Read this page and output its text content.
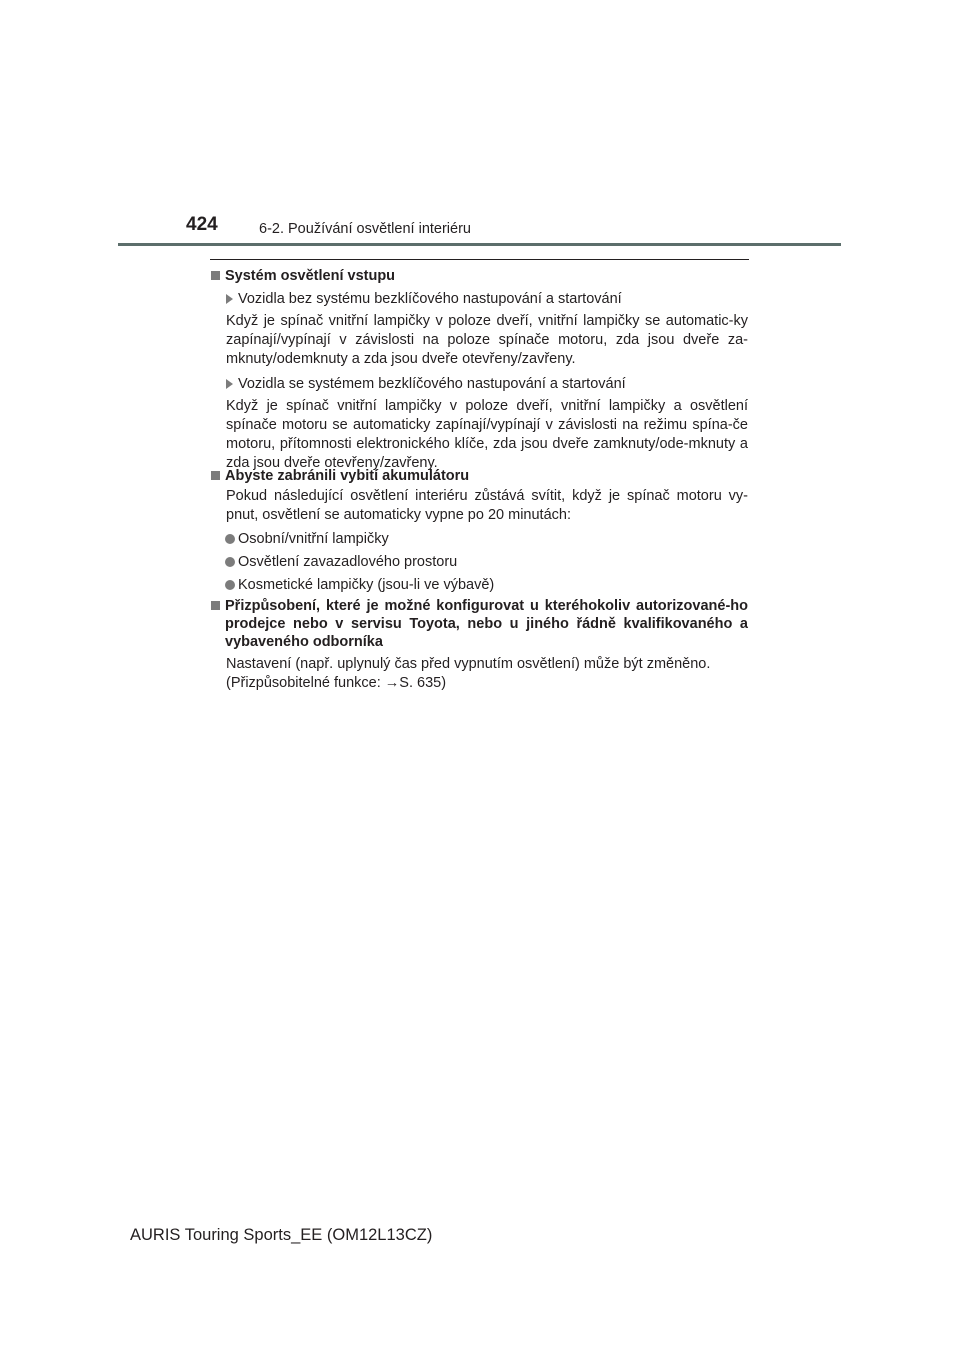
424	6-2. Používání osvětlení interiéru
Systém osvětlení vstupu
Vozidla bez systému bezklíčového nastupování a startování
Když je spínač vnitřní lampičky v poloze dveří, vnitřní lampičky se automatic-ky zapínají/vypínají v závislosti na poloze spínače motoru, zda jsou dveře za-mknuty/odemknuty a zda jsou dveře otevřeny/zavřeny.
Vozidla se systémem bezklíčového nastupování a startování
Když je spínač vnitřní lampičky v poloze dveří, vnitřní lampičky a osvětlení spínače motoru se automaticky zapínají/vypínají v závislosti na režimu spína-če motoru, přítomnosti elektronického klíče, zda jsou dveře zamknuty/ode-mknuty a zda jsou dveře otevřeny/zavřeny.
Abyste zabránili vybití akumulátoru
Pokud následující osvětlení interiéru zůstává svítit, když je spínač motoru vy-pnut, osvětlení se automaticky vypne po 20 minutách:
Osobní/vnitřní lampičky
Osvětlení zavazadlového prostoru
Kosmetické lampičky (jsou-li ve výbavě)
Přizpůsobení, které je možné konfigurovat u kteréhokoliv autorizované-ho prodejce nebo v servisu Toyota, nebo u jiného řádně kvalifikovaného a vybaveného odborníka
Nastavení (např. uplynulý čas před vypnutím osvětlení) může být změněno.
(Přizpůsobitelné funkce: →S. 635)
AURIS Touring Sports_EE (OM12L13CZ)
